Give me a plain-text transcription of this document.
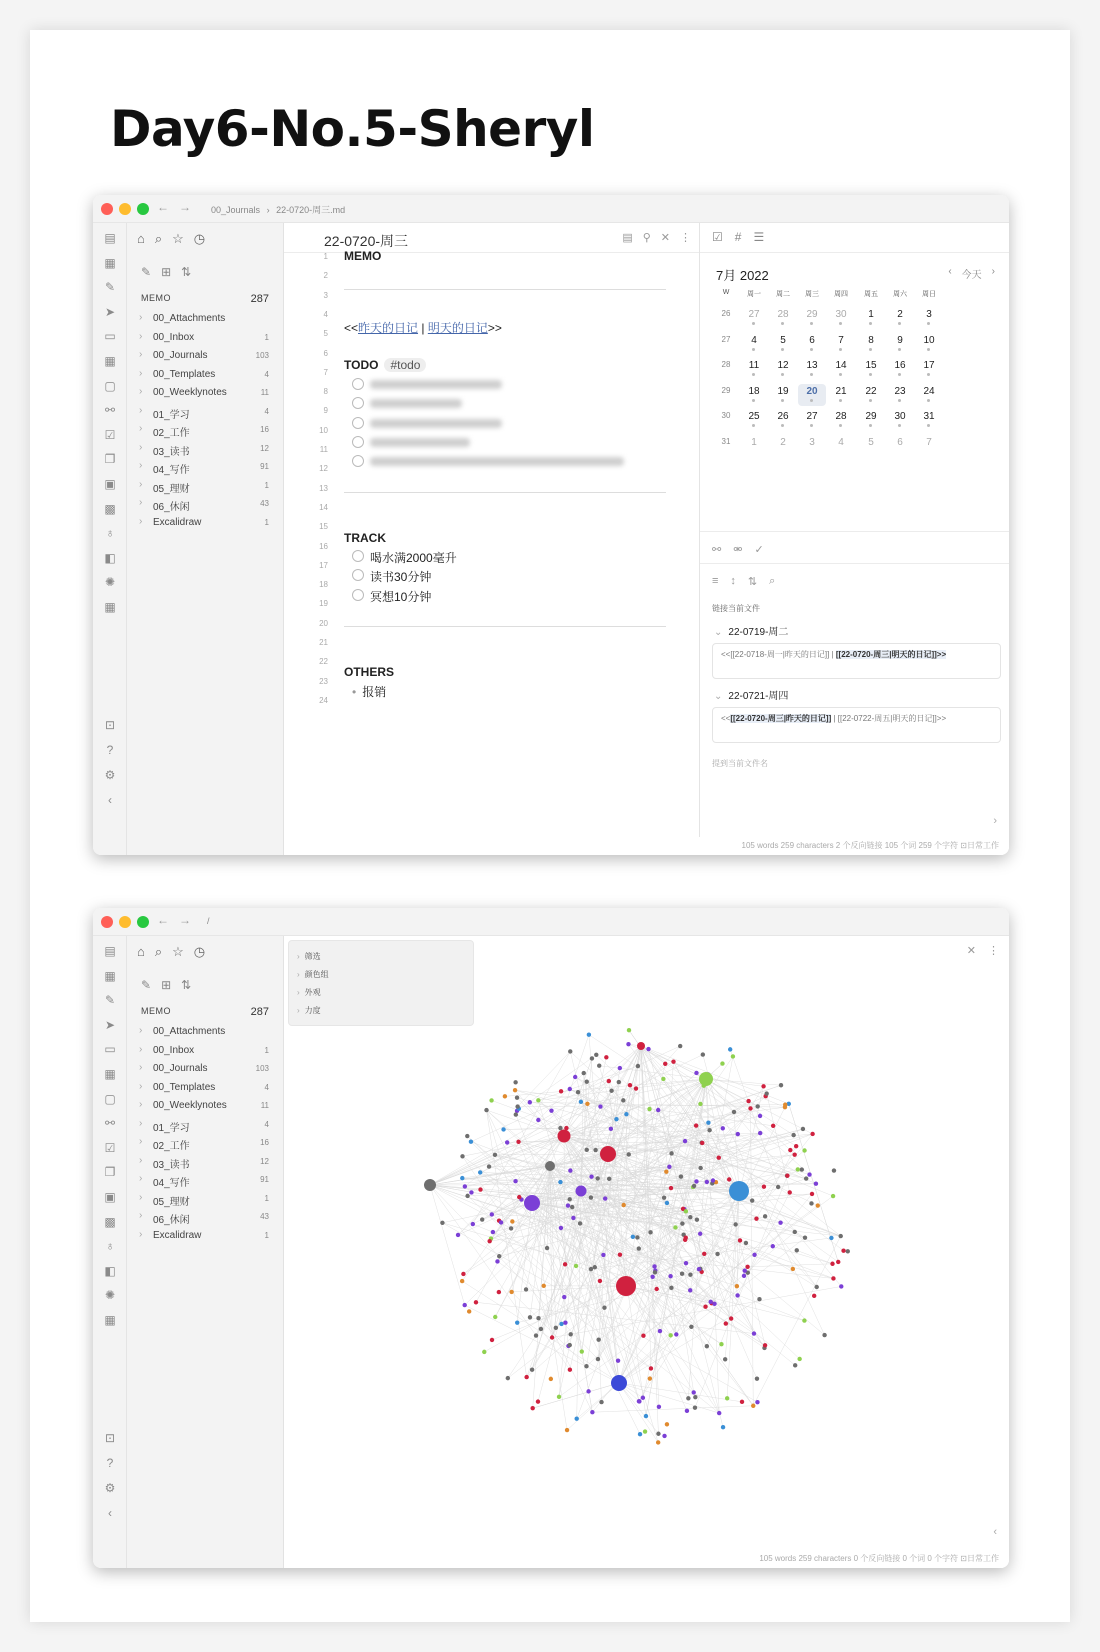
Day6-No.5-Sheryl
← → 00_Journals › 22-0720-周三.md
▤
▦
✎
➤
▭
▦
▢
⚯
☑
❐
▣
▩
♁
◧
✺
▦
⊡
?
⚙
‹
⌂ ⌕ ☆ ◷
✎ ⊞ ⇅
MEMO	287
› 00_Attachments
› 00_Inbox	1
› 00_Journals	103
› 00_Templates	4
› 00_Weeklynotes	11
› 01_学习	4
› 02_工作	16
› 03_读书	12
› 04_写作	91
› 05_理财	1
› 06_休闲	43
› Excalidraw	1
22-0720-周三	▤ ⚲ ✕ ⋮
1
2
3
4
5
6
7
8
9
10
11
12
13
14
15
16
17
18
19
20
21
22
23
24
MEMO
<<昨天的日记 | 明天的日记>>
TODO #todo
TRACK
喝水满2000毫升
读书30分钟
冥想10分钟
OTHERS
• 报销
☑ # ☰
7月 2022	‹ 今天 ›
W	周一	周二	周三	周四	周五	周六	周日
26	27	28	29	30	1	2	3
27	4	5	6	7	8	9	10
28	11	12	13	14	15	16	17
29	18	19	20	21	22	23	24
30	25	26	27	28	29	30	31
31	1	2	3	4	5	6	7
⚯ ⚮ ✓
≡ ↕ ⇅ ⌕
链接当前文件
⌄ 22-0719-周二
<<[[22-0718-周一|昨天的日记]] | [[22-0720-周三|明天的日记]]>>
⌄ 22-0721-周四
<<[[22-0720-周三|昨天的日记]] | [[22-0722-周五|明天的日记]]>>
提到当前文件名
›
105 words 259 characters 2 个反向链接 105 个词 259 个字符 ⊡日常工作
← → /
▤
▦
✎
➤
▭
▦
▢
⚯
☑
❐
▣
▩
♁
◧
✺
▦
⊡
?
⚙
‹
⌂ ⌕ ☆ ◷
✎ ⊞ ⇅
MEMO	287
› 00_Attachments
› 00_Inbox	1
› 00_Journals	103
› 00_Templates	4
› 00_Weeklynotes	11
› 01_学习	4
› 02_工作	16
› 03_读书	12
› 04_写作	91
› 05_理财	1
› 06_休闲	43
› Excalidraw	1
✕ ⋮
› 筛选
› 颜色组
› 外观
› 力度
‹
105 words 259 characters 0 个反向链接 0 个词 0 个字符 ⊡日常工作
